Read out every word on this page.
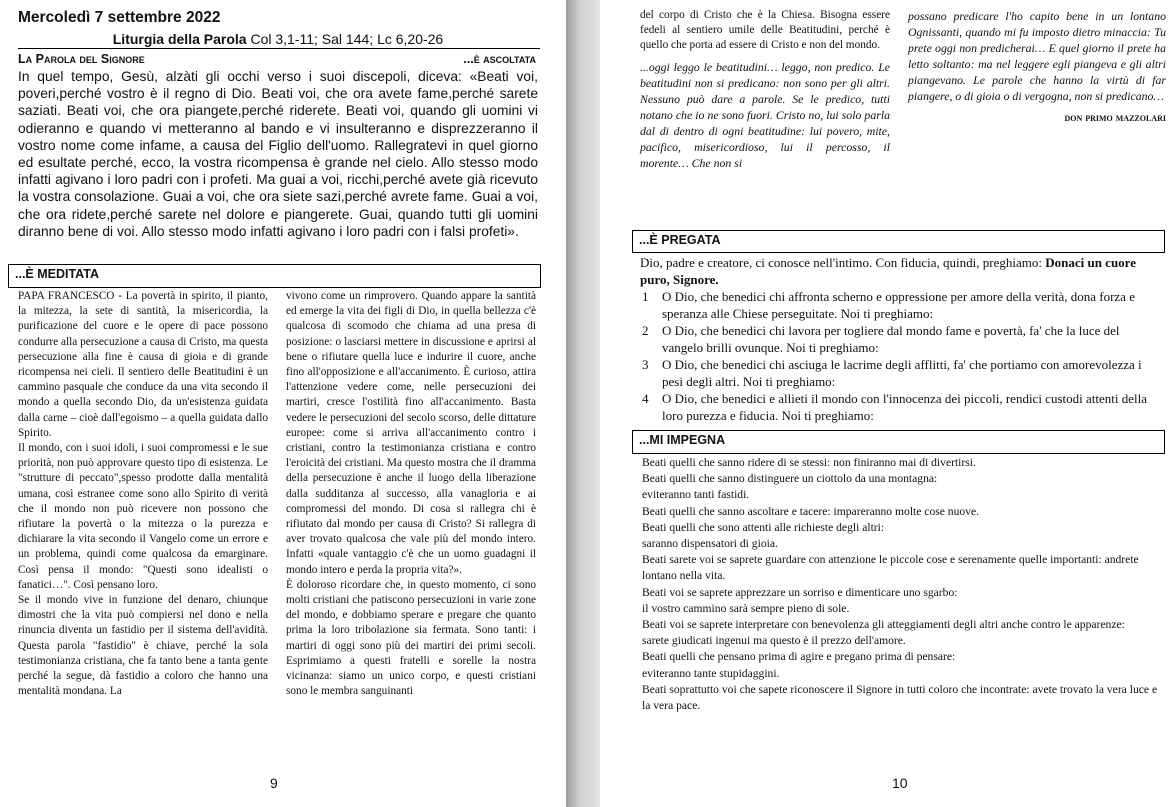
Mercoledì 7 settembre 2022
Liturgia della Parola Col 3,1-11; Sal 144; Lc 6,20-26
La Parola del Signore	...è ascoltata
In quel tempo, Gesù, alzàti gli occhi verso i suoi discepoli, diceva: «Beati voi, poveri,perché vostro è il regno di Dio. Beati voi, che ora avete fame,perché sarete saziati. Beati voi, che ora piangete,perché riderete. Beati voi, quando gli uomini vi odieranno e quando vi metteranno al bando e vi insulteranno e disprezzeranno il vostro nome come infame, a causa del Figlio dell'uomo. Rallegratevi in quel giorno ed esultate perché, ecco, la vostra ricompensa è grande nel cielo. Allo stesso modo infatti agivano i loro padri con i profeti. Ma guai a voi, ricchi,perché avete già ricevuto la vostra consolazione. Guai a voi, che ora siete sazi,perché avrete fame. Guai a voi, che ora ridete,perché sarete nel dolore e piangerete. Guai, quando tutti gli uomini diranno bene di voi. Allo stesso modo infatti agivano i loro padri con i falsi profeti».
...È MEDITATA

PAPA FRANCESCO - La povertà in spirito, il pianto, la mitezza, la sete di santità, la misericordia, la purificazione del cuore e le opere di pace possono condurre alla persecuzione a causa di Cristo, ma questa persecuzione alla fine è causa di gioia e di grande ricompensa nei cieli. Il sentiero delle Beatitudini è un cammino pasquale che conduce da una vita secondo il mondo a quella secondo Dio, da un'esistenza guidata dalla carne – cioè dall'egoismo – a quella guidata dallo Spirito.

Il mondo, con i suoi idoli, i suoi compromessi e le sue priorità, non può approvare questo tipo di esistenza. Le "strutture di peccato",spesso prodotte dalla mentalità umana, così estranee come sono allo Spirito di verità che il mondo non può ricevere non possono che rifiutare la povertà o la mitezza o la purezza e dichiarare la vita secondo il Vangelo come un errore e un problema, quindi come qualcosa da emarginare. Così pensa il mondo: "Questi sono idealisti o fanatici…". Così pensano loro.

Se il mondo vive in funzione del denaro, chiunque dimostri che la vita può compiersi nel dono e nella rinuncia diventa un fastidio per il sistema dell'avidità. Questa parola "fastidio" è chiave, perché la sola testimonianza cristiana, che fa tanto bene a tanta gente perché la segue, dà fastidio a coloro che hanno una mentalità mondana. La

vivono come un rimprovero. Quando appare la santità ed emerge la vita dei figli di Dio, in quella bellezza c'è qualcosa di scomodo che chiama ad una presa di posizione: o lasciarsi mettere in discussione e aprirsi al bene o rifiutare quella luce e indurire il cuore, anche fino all'opposizione e all'accanimento. È curioso, attira l'attenzione vedere come, nelle persecuzioni dei martiri, cresce l'ostilità fino all'accanimento. Basta vedere le persecuzioni del secolo scorso, delle dittature europee: come si arriva all'accanimento contro i cristiani, contro la testimonianza cristiana e contro l'eroicità dei cristiani. Ma questo mostra che il dramma della persecuzione è anche il luogo della liberazione dalla sudditanza al successo, alla vanagloria e ai compromessi del mondo. Di cosa si rallegra chi è rifiutato dal mondo per causa di Cristo? Si rallegra di aver trovato qualcosa che vale più del mondo intero. Infatti «quale vantaggio c'è che un uomo guadagni il mondo intero e perda la propria vita?».

È doloroso ricordare che, in questo momento, ci sono molti cristiani che patiscono persecuzioni in varie zone del mondo, e dobbiamo sperare e pregare che quanto prima la loro tribolazione sia fermata. Sono tanti: i martiri di oggi sono più dei martiri dei primi secoli. Esprimiamo a questi fratelli e sorelle la nostra vicinanza: siamo un unico corpo, e questi cristiani sono le membra sanguinanti

9

del corpo di Cristo che è la Chiesa. Bisogna essere fedeli al sentiero umile delle Beatitudini, perché è quello che porta ad essere di Cristo e non del mondo.

...oggi leggo le beatitudini… leggo, non predico. Le beatitudini non si predicano: non sono per gli altri. Nessuno può dare a parole. Se le predico, tutti notano che io ne sono fuori. Cristo no, lui solo parla dal di dentro di ogni beatitudine: lui povero, mite, pacifico, misericordioso, lui il percosso, il morente… Che non si

possano predicare l'ho capito bene in un lontano Ognissanti, quando mi fu imposto dietro minaccia: Tu prete oggi non predicherai… E quel giorno il prete ha letto soltanto: ma nel leggere egli piangeva e gli altri piangevano. Le parole che hanno la virtù di far piangere, o di gioia o di vergogna, non si predicano…

don primo mazzolari

...È PREGATA
Dio, padre e creatore, ci conosce nell'intimo. Con fiducia, quindi, preghiamo: Donaci un cuore puro, Signore.
1 O Dio, che benedici chi affronta scherno e oppressione per amore della verità, dona forza e speranza alle Chiese perseguitate. Noi ti preghiamo:
2 O Dio, che benedici chi lavora per togliere dal mondo fame e povertà, fa' che la luce del vangelo brilli ovunque. Noi ti preghiamo:
3 O Dio, che benedici chi asciuga le lacrime degli afflitti, fa' che portiamo con amorevolezza i pesi degli altri. Noi ti preghiamo:
4 O Dio, che benedici e allieti il mondo con l'innocenza dei piccoli, rendici custodi attenti della loro purezza e fiducia. Noi ti preghiamo:
...MI IMPEGNA
Beati quelli che sanno ridere di se stessi: non finiranno mai di divertirsi.
Beati quelli che sanno distinguere un ciottolo da una montagna:
eviteranno tanti fastidi.
Beati quelli che sanno ascoltare e tacere: impareranno molte cose nuove.
Beati quelli che sono attenti alle richieste degli altri:
saranno dispensatori di gioia.
Beati sarete voi se saprete guardare con attenzione le piccole cose e serenamente quelle importanti: andrete lontano nella vita.
Beati voi se saprete apprezzare un sorriso e dimenticare uno sgarbo:
il vostro cammino sarà sempre pieno di sole.
Beati voi se saprete interpretare con benevolenza gli atteggiamenti degli altri anche contro le apparenze:
sarete giudicati ingenui ma questo è il prezzo dell'amore.
Beati quelli che pensano prima di agire e pregano prima di pensare:
eviteranno tante stupidaggini.
Beati soprattutto voi che sapete riconoscere il Signore in tutti coloro che incontrate: avete trovato la vera luce e la vera pace.
10
